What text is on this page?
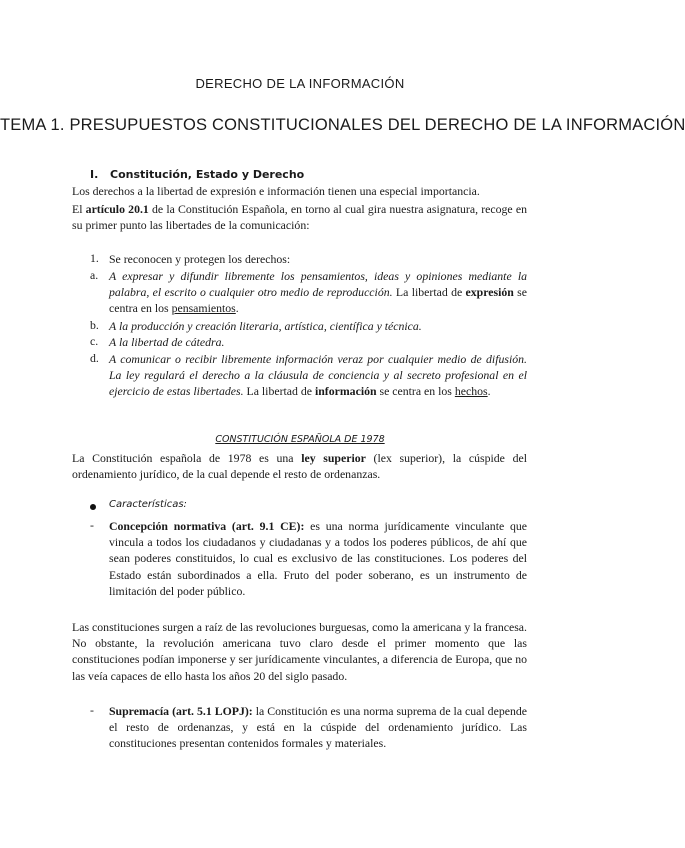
DERECHO DE LA INFORMACIÓN
TEMA 1. PRESUPUESTOS CONSTITUCIONALES DEL DERECHO DE LA INFORMACIÓN
I. Constitución, Estado y Derecho
Los derechos a la libertad de expresión e información tienen una especial importancia.
El artículo 20.1 de la Constitución Española, en torno al cual gira nuestra asignatura, recoge en su primer punto las libertades de la comunicación:
1. Se reconocen y protegen los derechos:
a. A expresar y difundir libremente los pensamientos, ideas y opiniones mediante la palabra, el escrito o cualquier otro medio de reproducción. La libertad de expresión se centra en los pensamientos.
b. A la producción y creación literaria, artística, científica y técnica.
c. A la libertad de cátedra.
d. A comunicar o recibir libremente información veraz por cualquier medio de difusión. La ley regulará el derecho a la cláusula de conciencia y al secreto profesional en el ejercicio de estas libertades. La libertad de información se centra en los hechos.
CONSTITUCIÓN ESPAÑOLA DE 1978
La Constitución española de 1978 es una ley superior (lex superior), la cúspide del ordenamiento jurídico, de la cual depende el resto de ordenanzas.
Características:
- Concepción normativa (art. 9.1 CE): es una norma jurídicamente vinculante que vincula a todos los ciudadanos y ciudadanas y a todos los poderes públicos, de ahí que sean poderes constituidos, lo cual es exclusivo de las constituciones. Los poderes del Estado están subordinados a ella. Fruto del poder soberano, es un instrumento de limitación del poder público.
Las constituciones surgen a raíz de las revoluciones burguesas, como la americana y la francesa. No obstante, la revolución americana tuvo claro desde el primer momento que las constituciones podían imponerse y ser jurídicamente vinculantes, a diferencia de Europa, que no las veía capaces de ello hasta los años 20 del siglo pasado.
- Supremacía (art. 5.1 LOPJ): la Constitución es una norma suprema de la cual depende el resto de ordenanzas, y está en la cúspide del ordenamiento jurídico. Las constituciones presentan contenidos formales y materiales.
